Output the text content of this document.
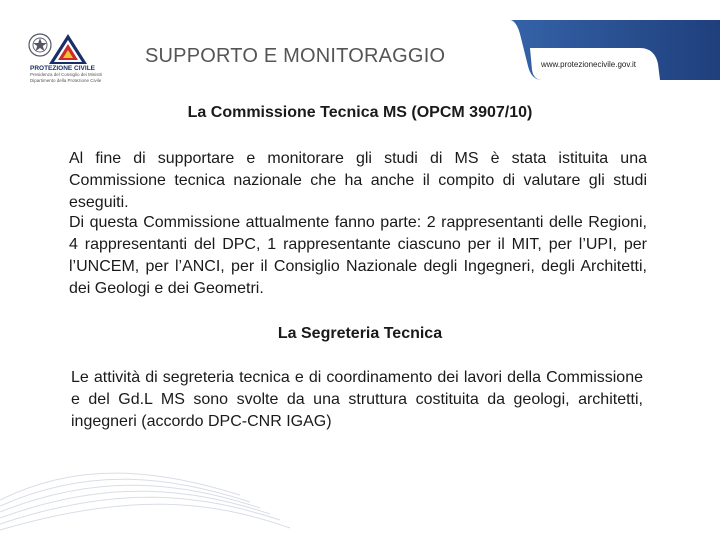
PROTEZIONE CIVILE
Presidenza del Consiglio dei Ministri
Dipartimento della Protezione Civile
SUPPORTO E MONITORAGGIO	www.protezionecivile.gov.it
La Commissione Tecnica MS (OPCM 3907/10)
Al fine di supportare e monitorare gli studi di MS è stata istituita una Commissione tecnica nazionale che ha anche il compito di valutare gli studi eseguiti.
Di questa Commissione attualmente fanno parte: 2 rappresentanti delle Regioni, 4 rappresentanti del DPC, 1 rappresentante ciascuno per il MIT, per l’UPI, per l’UNCEM, per l’ANCI, per il Consiglio Nazionale degli Ingegneri, degli Architetti, dei Geologi e dei Geometri.
La Segreteria Tecnica
Le attività di segreteria tecnica e di coordinamento dei lavori della Commissione e del Gd.L MS sono svolte da una struttura costituita da geologi, architetti, ingegneri (accordo DPC-CNR IGAG)
